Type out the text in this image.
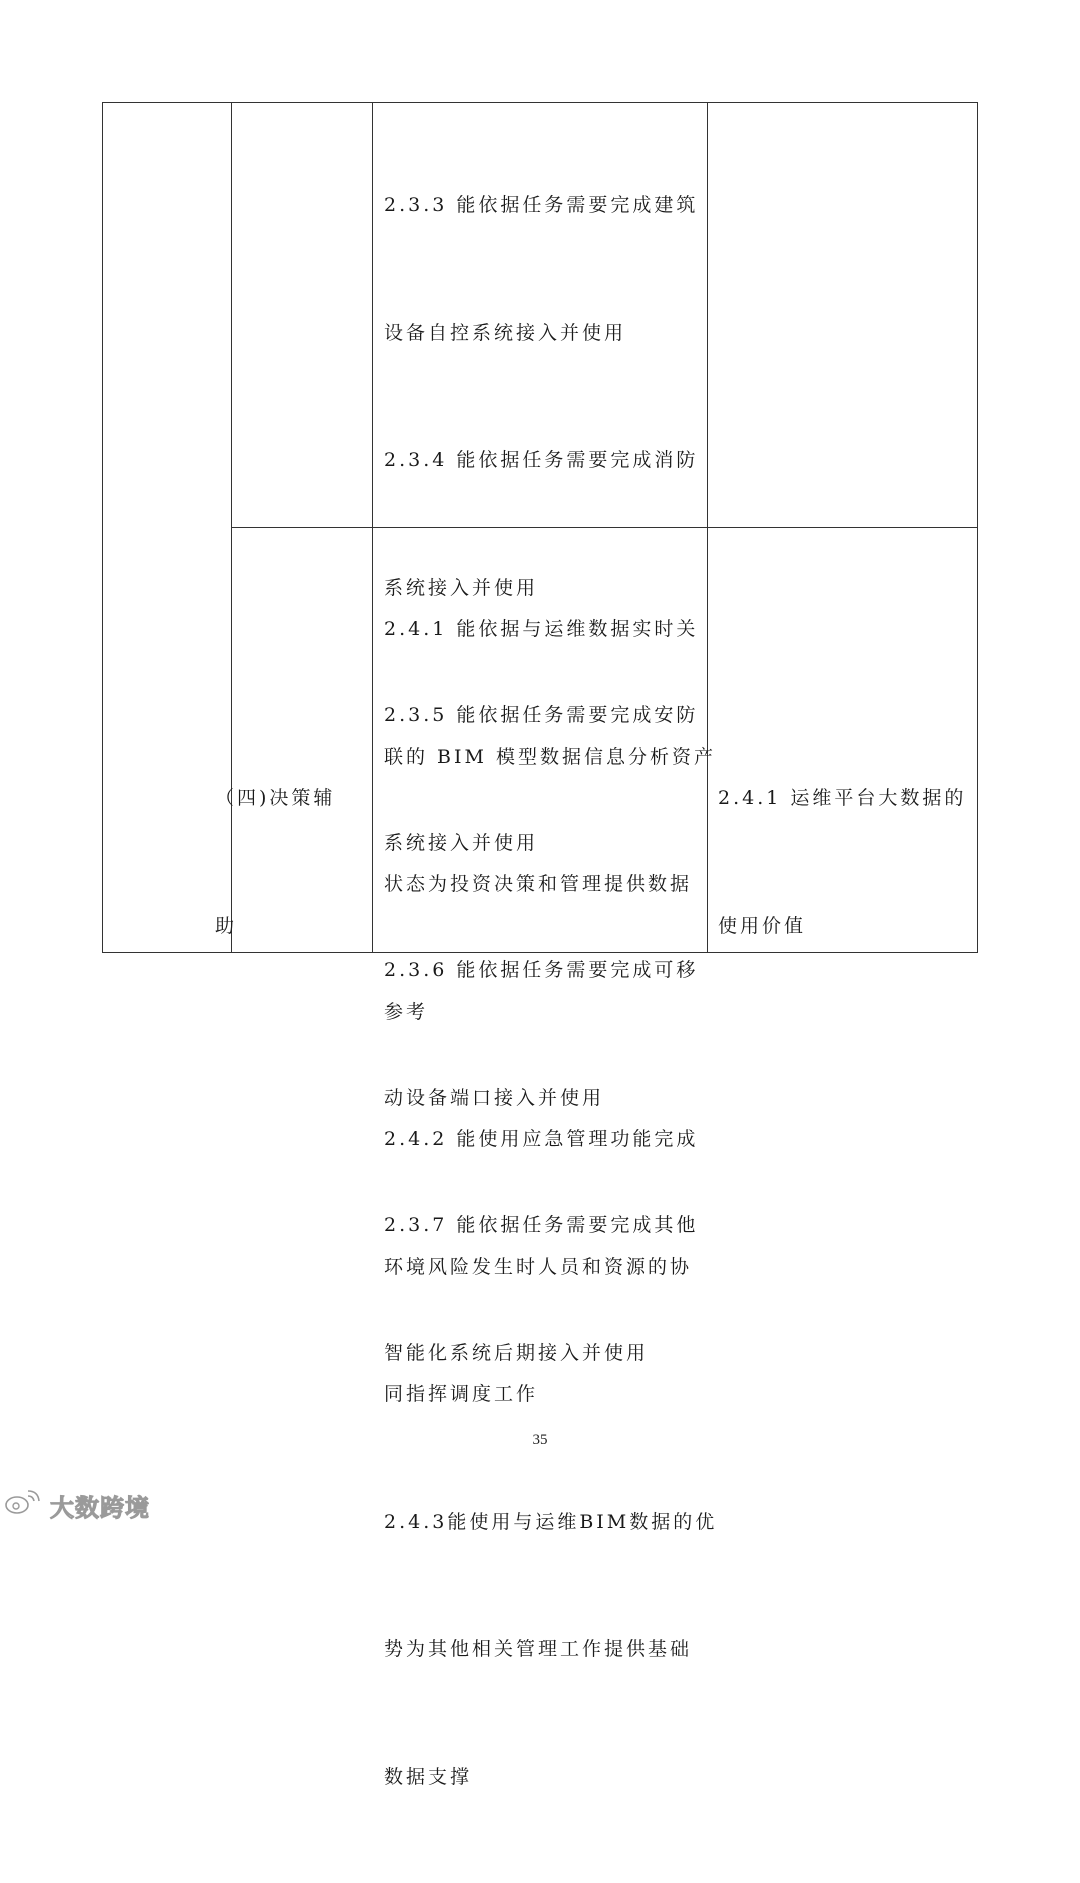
2.3.3 能依据任务需要完成建筑

设备自控系统接入并使用

2.3.4 能依据任务需要完成消防

系统接入并使用

2.3.5 能依据任务需要完成安防

系统接入并使用

2.3.6 能依据任务需要完成可移

动设备端口接入并使用

2.3.7 能依据任务需要完成其他

智能化系统后期接入并使用

（四)决策辅

助

2.4.1 能依据与运维数据实时关

联的 BIM 模型数据信息分析资产

状态为投资决策和管理提供数据

参考

2.4.2 能使用应急管理功能完成

环境风险发生时人员和资源的协

同指挥调度工作

2.4.3能使用与运维BIM数据的优

势为其他相关管理工作提供基础

数据支撑

2.4.1 运维平台大数据的

使用价值

35
大数跨境
